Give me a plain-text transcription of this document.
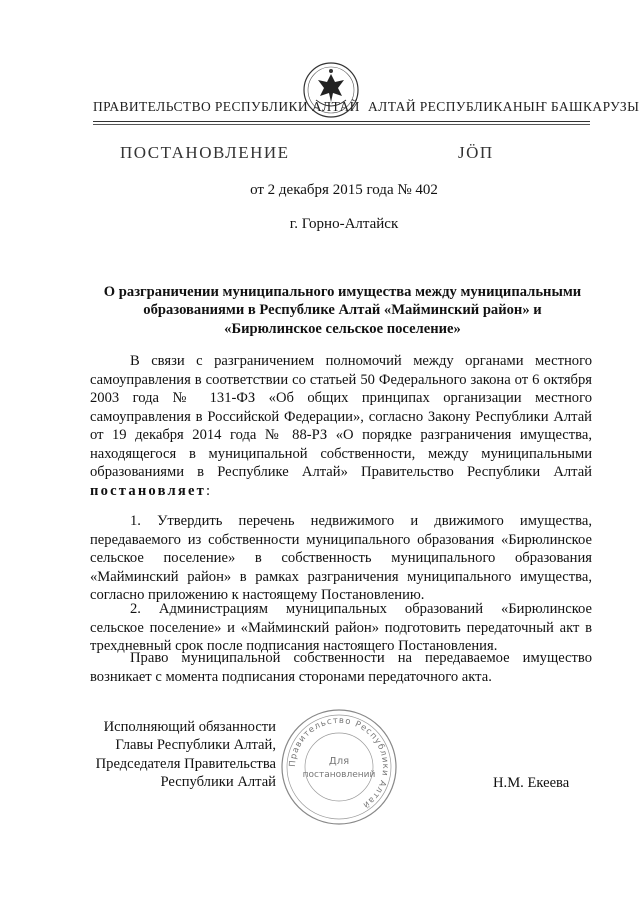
ПРАВИТЕЛЬСТВО РЕСПУБЛИКИ АЛТАЙ АЛТАЙ РЕСПУБЛИКАНЫҤ БАШКАРУЗЫ
ПОСТАНОВЛЕНИЕ	JÖП
от 2 декабря 2015 года № 402
г. Горно-Алтайск
О разграничении муниципального имущества между муниципальными
образованиями в Республике Алтай «Майминский район» и
«Бирюлинское сельское поселение»
В связи с разграничением полномочий между органами местного самоуправления в соответствии со статьей 50 Федерального закона от 6 октября 2003 года № 131-ФЗ «Об общих принципах организации местного самоуправления в Российской Федерации», согласно Закону Республики Алтай от 19 декабря 2014 года № 88-РЗ «О порядке разграничения имущества, находящегося в муниципальной собственности, между муниципальными образованиями в Республике Алтай» Правительство Республики Алтай постановляет:
1. Утвердить перечень недвижимого и движимого имущества, передаваемого из собственности муниципального образования «Бирюлинское сельское поселение» в собственность муниципального образования «Майминский район» в рамках разграничения муниципального имущества, согласно приложению к настоящему Постановлению.
2. Администрациям муниципальных образований «Бирюлинское сельское поселение» и «Майминский район» подготовить передаточный акт в трехдневный срок после подписания настоящего Постановления.
Право муниципальной собственности на передаваемое имущество возникает с момента подписания сторонами передаточного акта.
Исполняющий обязанности
Главы Республики Алтай,
Председателя Правительства
Республики Алтай	Н.М. Екеева
Правительство Республики Алтай
Для
постановлений
